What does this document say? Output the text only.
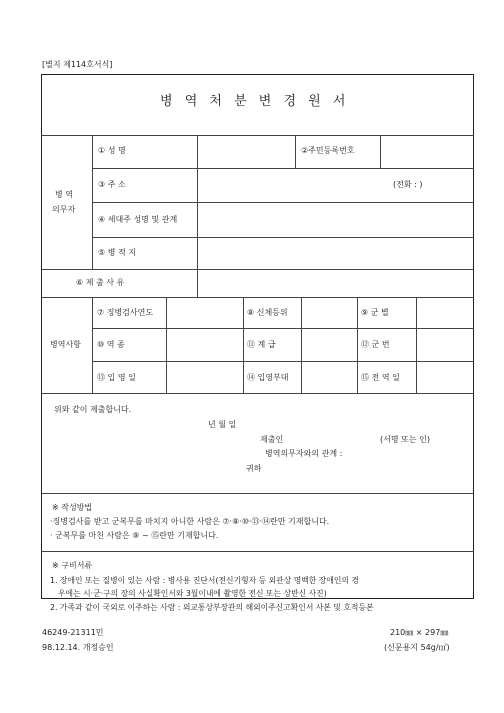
[별지 제114호서식]
병 역 처 분 변 경 원 서
병 역
의무자
① 성 명	②주민등록번호
③ 주 소	(전화 : )
④ 세대주 성명 및 관계
⑤ 병 적 지
⑥ 제 출 사 유
병역사항
⑦ 징병검사연도	⑧ 신체등위	⑨ 군 별
⑩ 역 종	⑪ 계 급	⑫ 군 번
⑬ 입 영 일	⑭ 입영부대	⑮ 전 역 일
위와 같이 제출합니다.
년 월 일
제출인	(서명 또는 인)
병역의무자와의 관계 :
귀하
※ 작성방법
·징병검사를 받고 군복무를 마치지 아니한 사람은 ⑦·⑧·⑩·⑬·⑭란만 기재합니다.
· 군복무를 마친 사람은 ⑨ ~ ⑮란만 기재합니다.
※ 구비서류
1. 장애인 또는 질병이 있는 사람 : 병사용 진단서(전신기형자 등 외관상 명백한 장애인의 경
우에는 시·군·구의 장의 사실확인서와 3월이내에 촬영한 전신 또는 상반신 사진)
2. 가족과 같이 국외로 이주하는 사람 : 외교통상부장관의 해외이주신고확인서 사본 및 호적등본
46249-21311민
98.12.14. 개정승인
210㎜ × 297㎜
(신문용지 54g/㎡)
